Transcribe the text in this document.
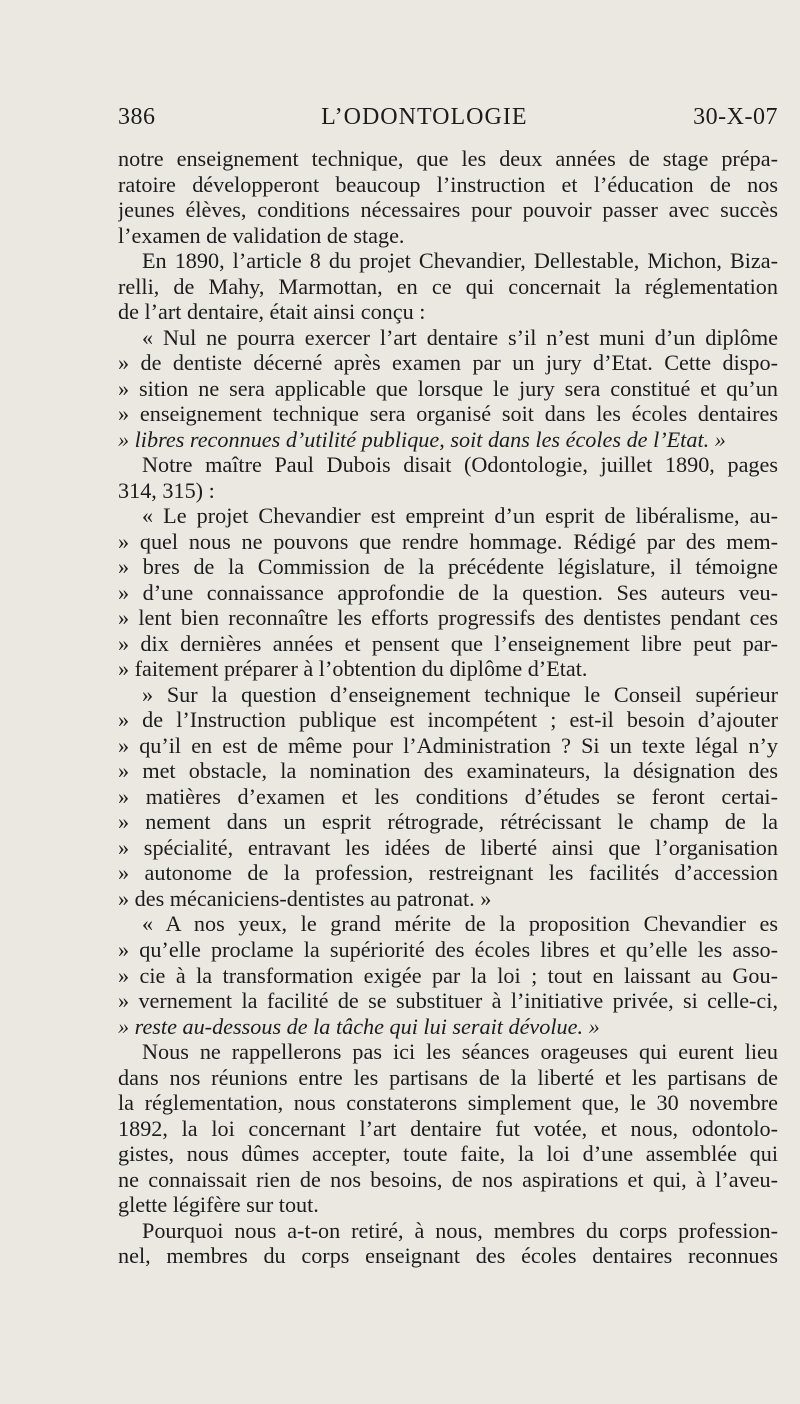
386	L’ODONTOLOGIE	30-X-07
notre enseignement technique, que les deux années de stage prépa-
ratoire développeront beaucoup l’instruction et l’éducation de nos
jeunes élèves, conditions nécessaires pour pouvoir passer avec succès
l’examen de validation de stage.
En 1890, l’article 8 du projet Chevandier, Dellestable, Michon, Biza-
relli, de Mahy, Marmottan, en ce qui concernait la réglementation
de l’art dentaire, était ainsi conçu :
« Nul ne pourra exercer l’art dentaire s’il n’est muni d’un diplôme
» de dentiste décerné après examen par un jury d’Etat. Cette dispo-
» sition ne sera applicable que lorsque le jury sera constitué et qu’un
» enseignement technique sera organisé soit dans les écoles dentaires
» libres reconnues d’utilité publique, soit dans les écoles de l’Etat. »
Notre maître Paul Dubois disait (Odontologie, juillet 1890, pages
314, 315) :
« Le projet Chevandier est empreint d’un esprit de libéralisme, au-
» quel nous ne pouvons que rendre hommage. Rédigé par des mem-
» bres de la Commission de la précédente législature, il témoigne
» d’une connaissance approfondie de la question. Ses auteurs veu-
» lent bien reconnaître les efforts progressifs des dentistes pendant ces
» dix dernières années et pensent que l’enseignement libre peut par-
» faitement préparer à l’obtention du diplôme d’Etat.
» Sur la question d’enseignement technique le Conseil supérieur
» de l’Instruction publique est incompétent ; est-il besoin d’ajouter
» qu’il en est de même pour l’Administration ? Si un texte légal n’y
» met obstacle, la nomination des examinateurs, la désignation des
» matières d’examen et les conditions d’études se feront certai-
» nement dans un esprit rétrograde, rétrécissant le champ de la
» spécialité, entravant les idées de liberté ainsi que l’organisation
» autonome de la profession, restreignant les facilités d’accession
» des mécaniciens-dentistes au patronat. »
« A nos yeux, le grand mérite de la proposition Chevandier es
» qu’elle proclame la supériorité des écoles libres et qu’elle les asso-
» cie à la transformation exigée par la loi ; tout en laissant au Gou-
» vernement la facilité de se substituer à l’initiative privée, si celle-ci,
» reste au-dessous de la tâche qui lui serait dévolue. »
Nous ne rappellerons pas ici les séances orageuses qui eurent lieu
dans nos réunions entre les partisans de la liberté et les partisans de
la réglementation, nous constaterons simplement que, le 30 novembre
1892, la loi concernant l’art dentaire fut votée, et nous, odontolo-
gistes, nous dûmes accepter, toute faite, la loi d’une assemblée qui
ne connaissait rien de nos besoins, de nos aspirations et qui, à l’aveu-
glette légifère sur tout.
Pourquoi nous a-t-on retiré, à nous, membres du corps profession-
nel, membres du corps enseignant des écoles dentaires reconnues
